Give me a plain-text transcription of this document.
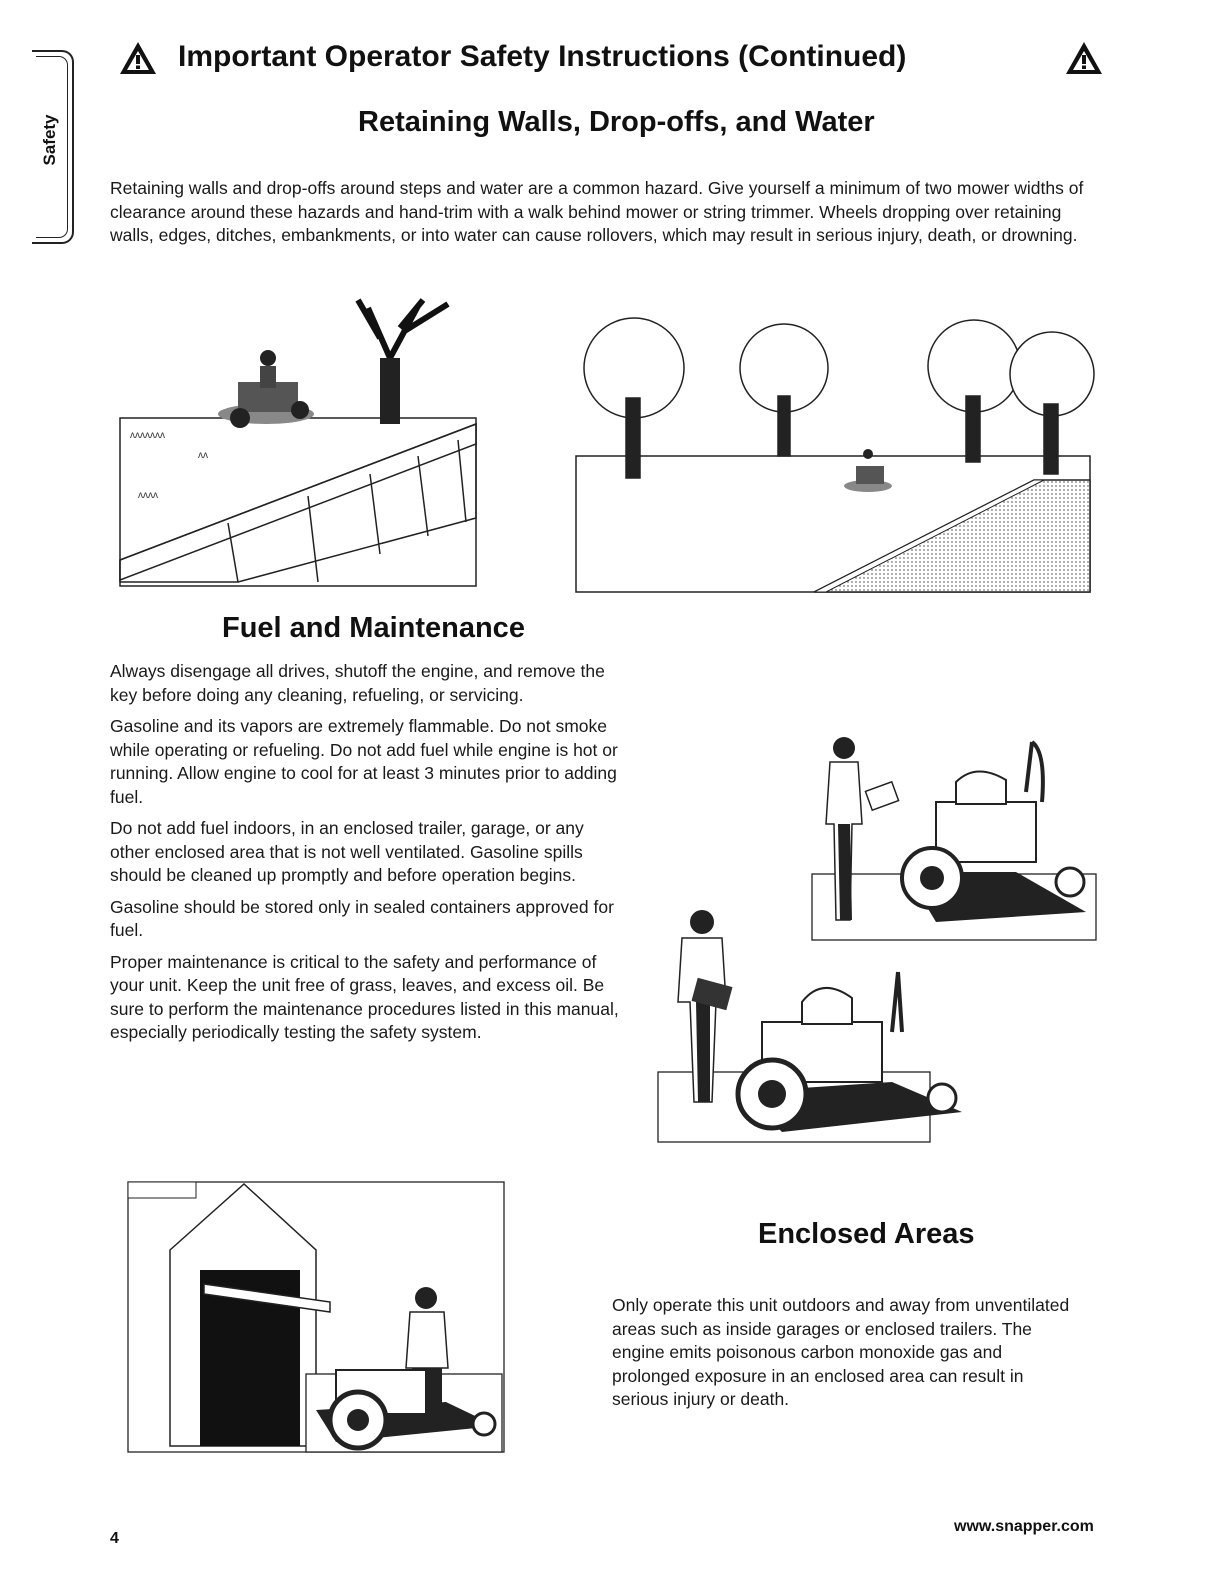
Safety
Important Operator Safety Instructions (Continued)
Retaining Walls, Drop-offs, and Water
Retaining walls and drop-offs around steps and water are a common hazard. Give yourself a minimum of two mower widths of clearance around these hazards and hand-trim with a walk behind mower or string trimmer. Wheels dropping over retaining walls, edges, ditches, embankments, or into water can cause rollovers, which may result in serious injury, death, or drowning.
ᴧᴧᴧᴧᴧᴧᴧ
ᴧᴧ
ᴧᴧᴧᴧ
Fuel and Maintenance

Always disengage all drives, shutoff the engine, and remove the key before doing any cleaning, refueling, or servicing.

Gasoline and its vapors are extremely flammable. Do not smoke while operating or refueling. Do not add fuel while engine is hot or running. Allow engine to cool for at least 3 minutes prior to adding fuel.

Do not add fuel indoors, in an enclosed trailer, garage, or any other enclosed area that is not well ventilated. Gasoline spills should be cleaned up promptly and before operation begins.

Gasoline should be stored only in sealed containers approved for fuel.

Proper maintenance is critical to the safety and performance of your unit. Keep the unit free of grass, leaves, and excess oil. Be sure to perform the maintenance procedures listed in this manual, especially periodically testing the safety system.

Enclosed Areas
Only operate this unit outdoors and away from unventilated areas such as inside garages or enclosed trailers. The engine emits poisonous carbon monoxide gas and prolonged exposure in an enclosed area can result in serious injury or death.
4
www.snapper.com
